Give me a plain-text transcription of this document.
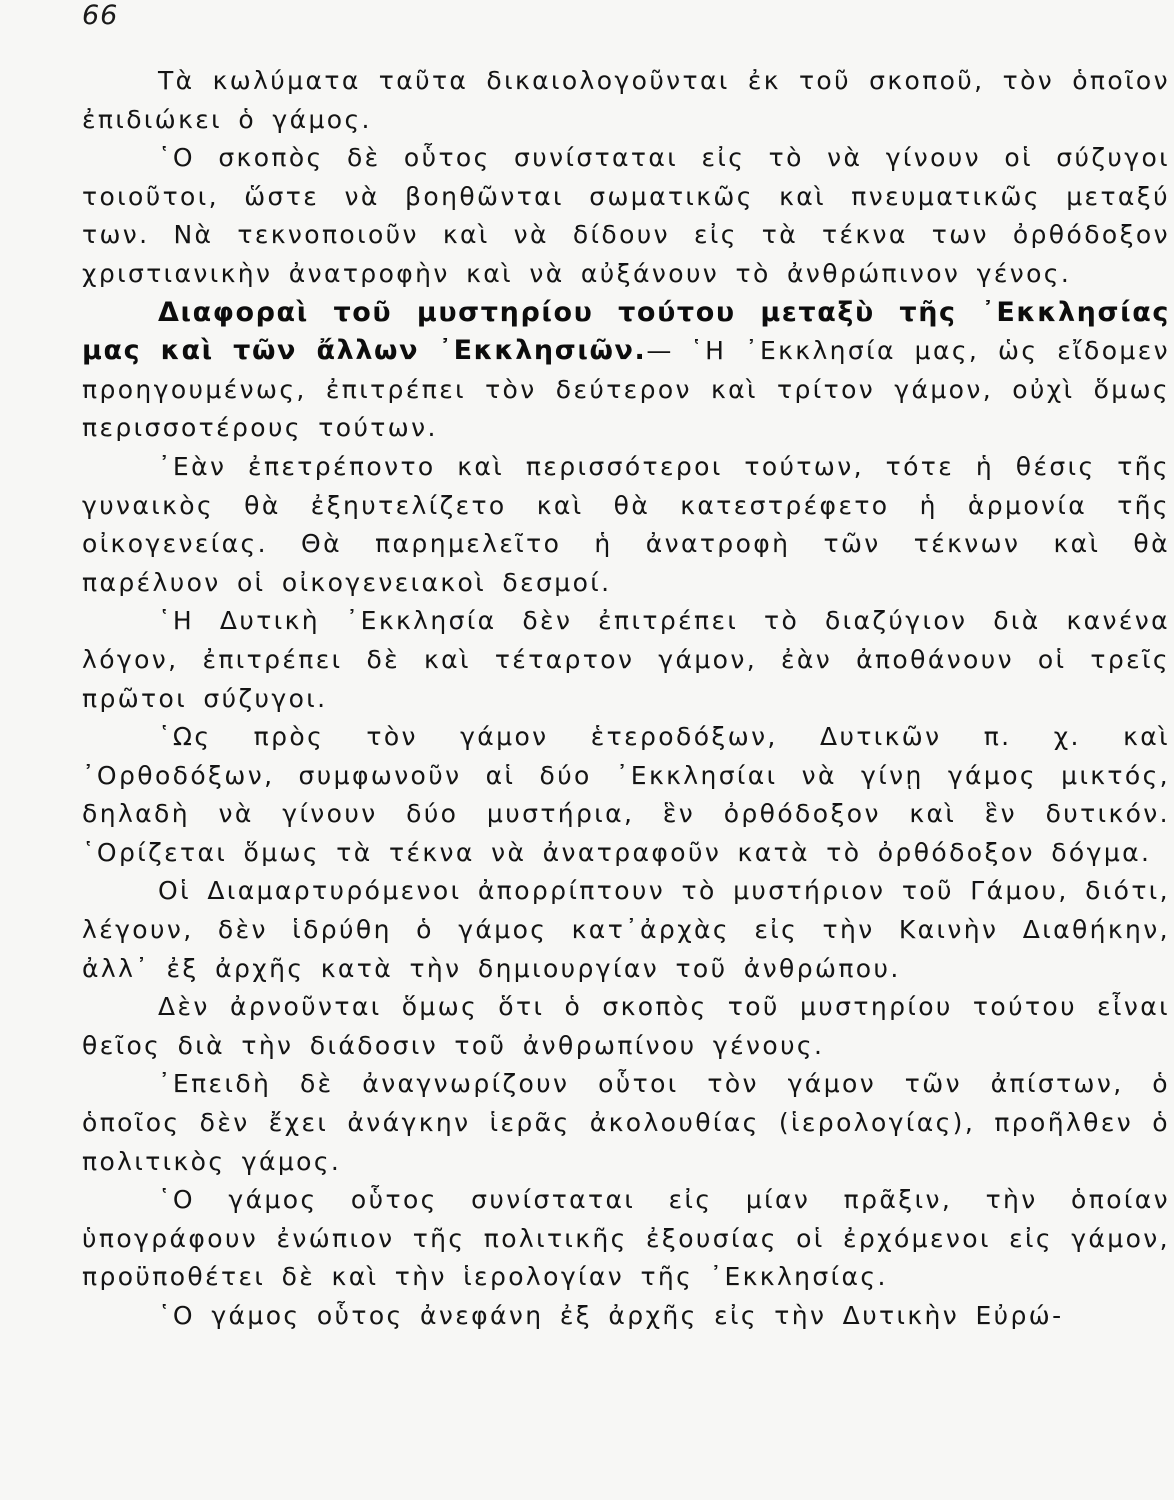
66

Τὰ κωλύματα ταῦτα δικαιολογοῦνται ἐκ τοῦ σκοποῦ, τὸν ὁποῖον ἐπιδιώκει ὁ γάμος.

῾Ο σκοπὸς δὲ οὗτος συνίσταται εἰς τὸ νὰ γίνουν οἱ σύζυγοι τοιοῦτοι, ὥστε νὰ βοηθῶνται σωματικῶς καὶ πνευματικῶς μεταξύ των. Νὰ τεκνοποιοῦν καὶ νὰ δίδουν εἰς τὰ τέκνα των ὀρθόδοξον χριστιανικὴν ἀνατροφὴν καὶ νὰ αὐξάνουν τὸ ἀνθρώπινον γένος.

Διαφοραὶ τοῦ μυστηρίου τούτου μεταξὺ τῆς ᾿Εκκλησίας μας καὶ τῶν ἄλλων ᾿Εκκλησιῶν.— ῾Η ᾿Εκκλησία μας, ὡς εἴδομεν προηγουμένως, ἐπιτρέπει τὸν δεύτερον καὶ τρίτον γάμον, οὐχὶ ὅμως περισσοτέρους τούτων.

᾿Εὰν ἐπετρέποντο καὶ περισσότεροι τούτων, τότε ἡ θέσις τῆς γυναικὸς θὰ ἐξηυτελίζετο καὶ θὰ κατεστρέφετο ἡ ἁρμονία τῆς οἰκογενείας. Θὰ παρημελεῖτο ἡ ἀνατροφὴ τῶν τέκνων καὶ θὰ παρέλυον οἱ οἰκογενειακοὶ δεσμοί.

῾Η Δυτικὴ ᾿Εκκλησία δὲν ἐπιτρέπει τὸ διαζύγιον διὰ κανένα λόγον, ἐπιτρέπει δὲ καὶ τέταρτον γάμον, ἐὰν ἀποθάνουν οἱ τρεῖς πρῶτοι σύζυγοι.

῾Ως πρὸς τὸν γάμον ἑτεροδόξων, Δυτικῶν π. χ. καὶ ᾿Ορθοδόξων, συμφωνοῦν αἱ δύο ᾿Εκκλησίαι νὰ γίνῃ γάμος μικτός, δηλαδὴ νὰ γίνουν δύο μυστήρια, ἓν ὀρθόδοξον καὶ ἓν δυτικόν. ῾Ορίζεται ὅμως τὰ τέκνα νὰ ἀνατραφοῦν κατὰ τὸ ὀρθόδοξον δόγμα.

Οἱ Διαμαρτυρόμενοι ἀπορρίπτουν τὸ μυστήριον τοῦ Γάμου, διότι, λέγουν, δὲν ἱδρύθη ὁ γάμος κατ᾿ἀρχὰς εἰς τὴν Καινὴν Διαθήκην, ἀλλ᾿ ἐξ ἀρχῆς κατὰ τὴν δημιουργίαν τοῦ ἀνθρώπου.

Δὲν ἀρνοῦνται ὅμως ὅτι ὁ σκοπὸς τοῦ μυστηρίου τούτου εἶναι θεῖος διὰ τὴν διάδοσιν τοῦ ἀνθρωπίνου γένους.

᾿Επειδὴ δὲ ἀναγνωρίζουν οὗτοι τὸν γάμον τῶν ἀπίστων, ὁ ὁποῖος δὲν ἔχει ἀνάγκην ἱερᾶς ἀκολουθίας (ἱερολογίας), προῆλθεν ὁ πολιτικὸς γάμος.

῾Ο γάμος οὗτος συνίσταται εἰς μίαν πρᾶξιν, τὴν ὁποίαν ὑπογράφουν ἐνώπιον τῆς πολιτικῆς ἐξουσίας οἱ ἐρχόμενοι εἰς γάμον, προϋποθέτει δὲ καὶ τὴν ἱερολογίαν τῆς ᾿Εκκλησίας.

῾Ο γάμος οὗτος ἀνεφάνη ἐξ ἀρχῆς εἰς τὴν Δυτικὴν Εὐρώ-
